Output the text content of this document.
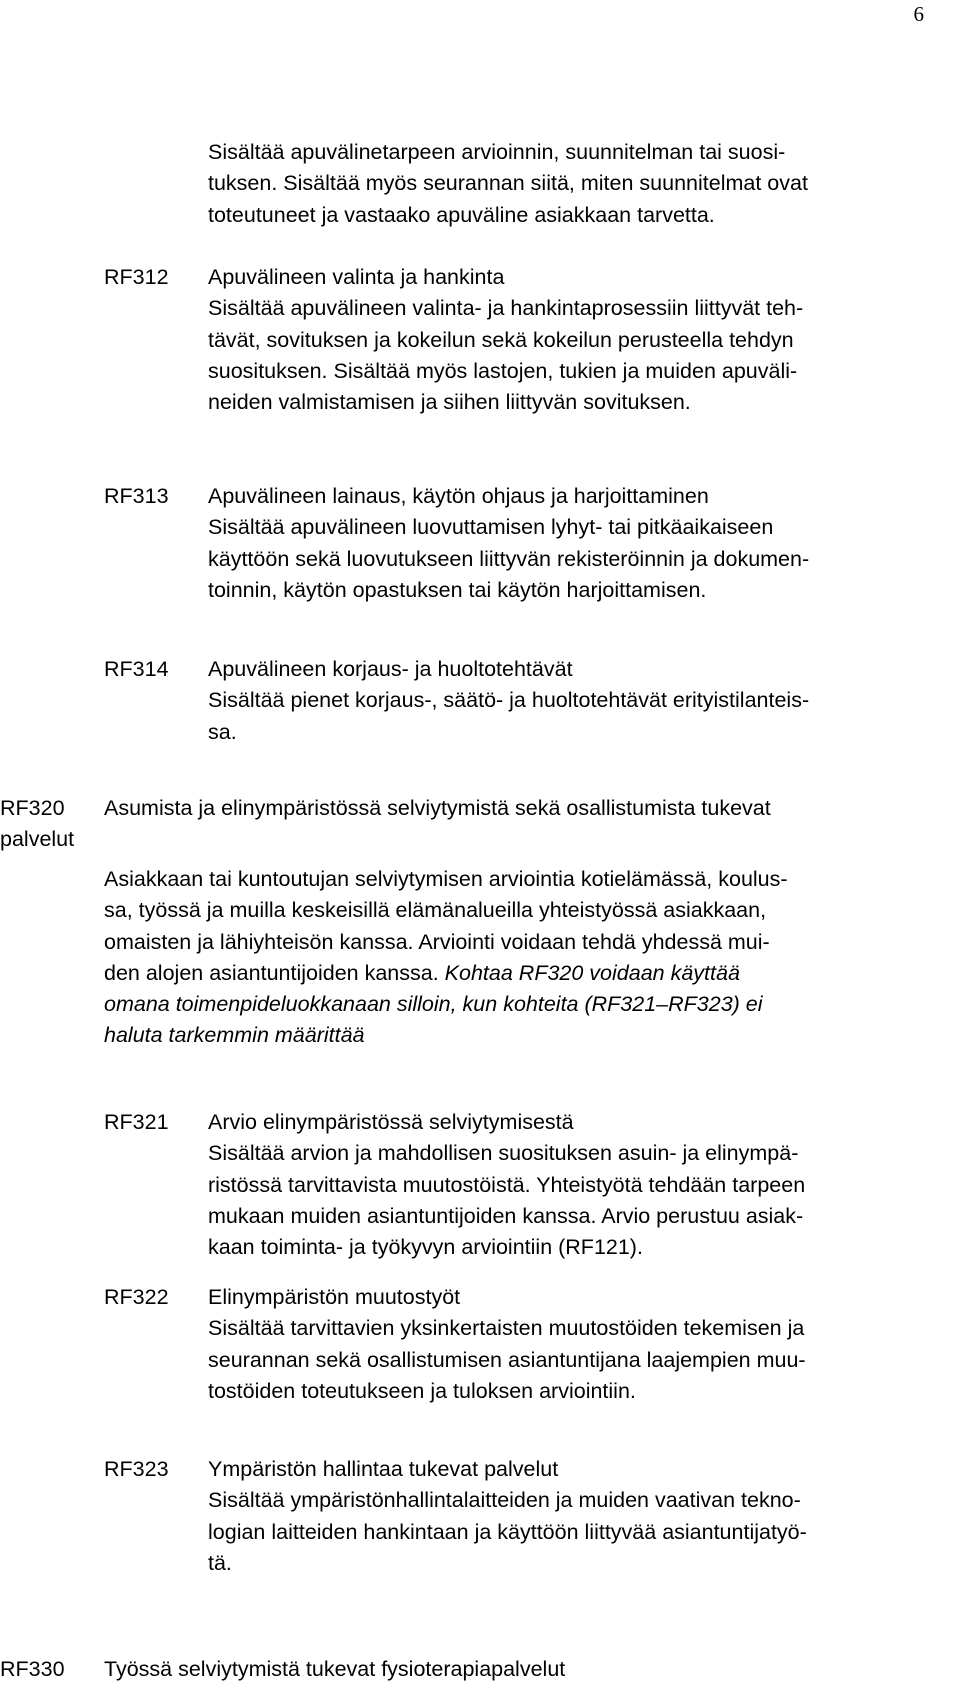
6
Sisältää apuvälinetarpeen arvioinnin, suunnitelman tai suosi-
tuksen. Sisältää myös seurannan siitä, miten suunnitelmat ovat
toteutuneet ja vastaako apuväline asiakkaan tarvetta.
RF312 Apuvälineen valinta ja hankinta
Sisältää apuvälineen valinta- ja hankintaprosessiin liittyvät teh-
tävät, sovituksen ja kokeilun sekä kokeilun perusteella tehdyn
suosituksen. Sisältää myös lastojen, tukien ja muiden apuväli-
neiden valmistamisen ja siihen liittyvän sovituksen.
RF313 Apuvälineen lainaus, käytön ohjaus ja harjoittaminen
Sisältää apuvälineen luovuttamisen lyhyt- tai pitkäaikaiseen
käyttöön sekä luovutukseen liittyvän rekisteröinnin ja dokumen-
toinnin, käytön opastuksen tai käytön harjoittamisen.
RF314 Apuvälineen korjaus- ja huoltotehtävät
Sisältää pienet korjaus-, säätö- ja huoltotehtävät erityistilanteis-
sa.
RF320 Asumista ja elinympäristössä selviytymistä sekä osallistumista tukevat
palvelut
Asiakkaan tai kuntoutujan selviytymisen arviointia kotielämässä, koulus-
sa, työssä ja muilla keskeisillä elämänalueilla yhteistyössä asiakkaan,
omaisten ja lähiyhteisön kanssa. Arviointi voidaan tehdä yhdessä mui-
den alojen asiantuntijoiden kanssa. Kohtaa RF320 voidaan käyttää
omana toimenpideluokkanaan silloin, kun kohteita (RF321–RF323) ei
haluta tarkemmin määrittää
RF321 Arvio elinympäristössä selviytymisestä
Sisältää arvion ja mahdollisen suosituksen asuin- ja elinympä-
ristössä tarvittavista muutostöistä. Yhteistyötä tehdään tarpeen
mukaan muiden asiantuntijoiden kanssa. Arvio perustuu asiak-
kaan toiminta- ja työkyvyn arviointiin (RF121).
RF322 Elinympäristön muutostyöt
Sisältää tarvittavien yksinkertaisten muutostöiden tekemisen ja
seurannan sekä osallistumisen asiantuntijana laajempien muu-
tostöiden toteutukseen ja tuloksen arviointiin.
RF323 Ympäristön hallintaa tukevat palvelut
Sisältää ympäristönhallintalaitteiden ja muiden vaativan tekno-
logian laitteiden hankintaan ja käyttöön liittyvää asiantuntijatyö-
tä.
RF330 Työssä selviytymistä tukevat fysioterapiapalvelut
